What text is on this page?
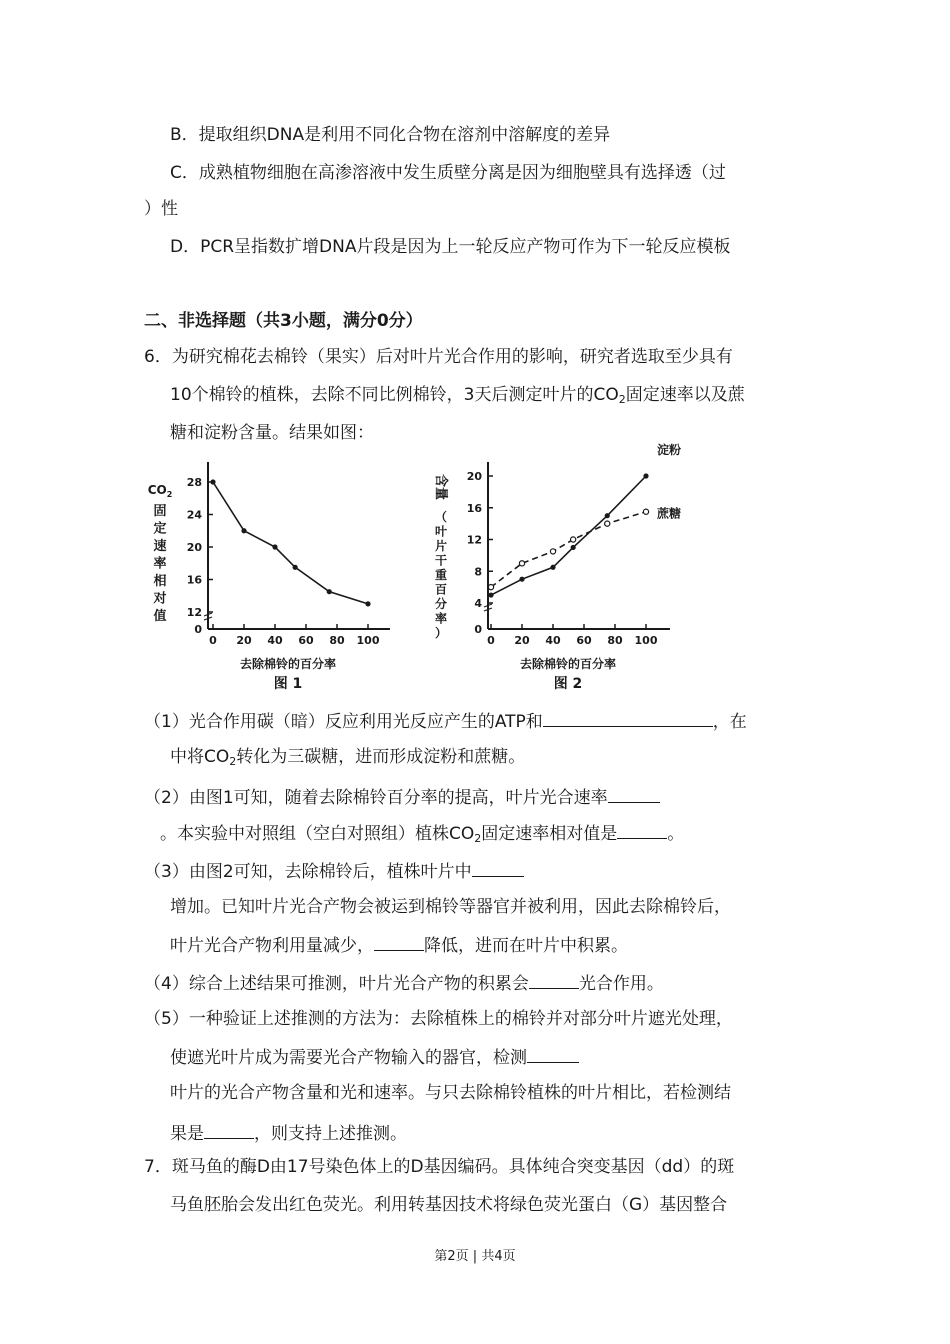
B．提取组织DNA是利用不同化合物在溶剂中溶解度的差异
C．成熟植物细胞在高渗溶液中发生质壁分离是因为细胞壁具有选择透（过
）性
D．PCR呈指数扩增DNA片段是因为上一轮反应产物可作为下一轮反应模板
二、非选择题（共3小题，满分0分）
6．为研究棉花去棉铃（果实）后对叶片光合作用的影响，研究者选取至少具有
10个棉铃的植株，去除不同比例棉铃，3天后测定叶片的$CO_2$固定速率以及蔗
糖和淀粉含量。结果如图：
$CO_2$
固
定
速
率
相
对
值
0
0 20 40 60 80 100
12
16
20
24
28
去除棉铃的百分率
图 1
含量
（
叶
片
干
重
百
分
率
） 0
0 20 40 60 80 100
4
8
12
16
20
淀粉
蔗糖
去除棉铃的百分率
图 2
（1）光合作用碳（暗）反应利用光反应产生的ATP和	，在
中将$CO_2$转化为三碳糖，进而形成淀粉和蔗糖。
（2）由图1可知，随着去除棉铃百分率的提高，叶片光合速率
。本实验中对照组（空白对照组）植株$CO_2$固定速率相对值是	。
（3）由图2可知，去除棉铃后，植株叶片中
增加。已知叶片光合产物会被运到棉铃等器官并被利用，因此去除棉铃后，
叶片光合产物利用量减少，	降低，进而在叶片中积累。
（4）综合上述结果可推测，叶片光合产物的积累会	光合作用。
（5）一种验证上述推测的方法为：去除植株上的棉铃并对部分叶片遮光处理，
使遮光叶片成为需要光合产物输入的器官，检测
叶片的光合产物含量和光和速率。与只去除棉铃植株的叶片相比，若检测结
果是	，则支持上述推测。
7．斑马鱼的酶D由17号染色体上的D基因编码。具体纯合突变基因（dd）的斑
马鱼胚胎会发出红色荧光。利用转基因技术将绿色荧光蛋白（G）基因整合
第2页 | 共4页
